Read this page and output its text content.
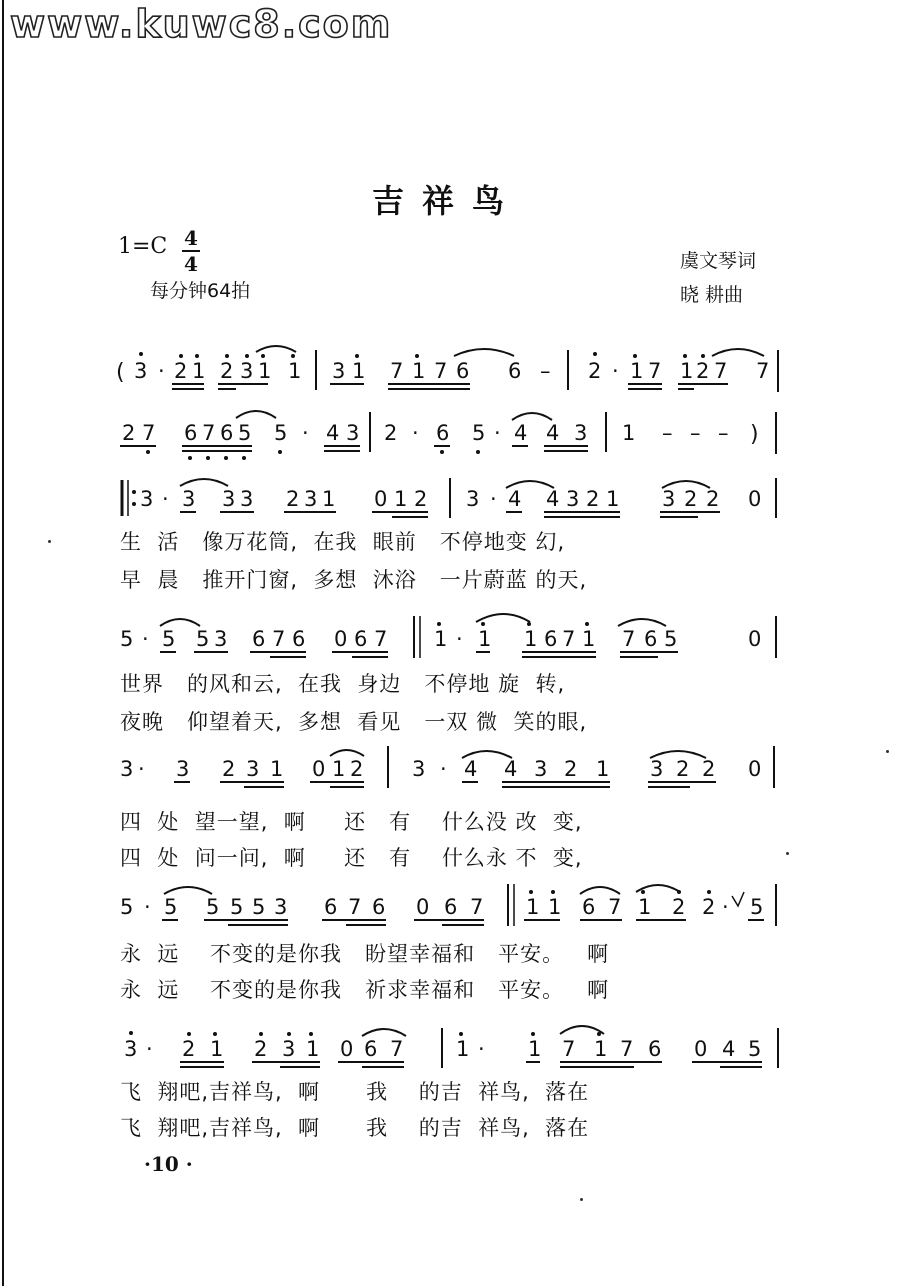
www.kuwc8.com
吉祥鸟
1=C 4
4
每分钟64拍
虞文琴词
晓 耕曲
( 3 · 2 1 2 3 1 1 3 1 7 1 7 6 6 – 2 · 1 7 1 2 7 7
2 7 6 7 6 5 5 · 4 3 2 · 6 5 · 4 4 3 1 – – – )
3 · 3 3 3 2 3 1 0 1 2 3 · 4 4 3 2 1 3 2 2 0
5 · 5 5 3 6 7 6 0 6 7 1 · 1 1 6 7 1 7 6 5	0
3 · 3 2 3 1 0 1 2 3 · 4 4 3 2 1 3 2 2 0
5 · 5 5 5 5 3 6 7 6 0 6 7 1 1 6 7 1 2 2 · 5
3 · 2 1 2 3 1 0 6 7	1 · 1 7 1 7 6 0 4 5
生  活   像万花筒,  在我  眼前   不停地变 幻,
早  晨   推开门窗,  多想  沐浴   一片蔚蓝 的天,
世界   的风和云,  在我  身边   不停地 旋  转,
夜晚   仰望着天,  多想  看见   一双 微  笑的眼,
四  处  望一望,  啊     还   有    什么没 改  变,
四  处  问一问,  啊     还   有    什么永 不  变,
永  远    不变的是你我   盼望幸福和   平安。   啊
永  远    不变的是你我   祈求幸福和   平安。   啊
飞  翔吧,吉祥鸟,  啊      我    的吉  祥鸟,  落在
飞  翔吧,吉祥鸟,  啊      我    的吉  祥鸟,  落在
·10 ·
